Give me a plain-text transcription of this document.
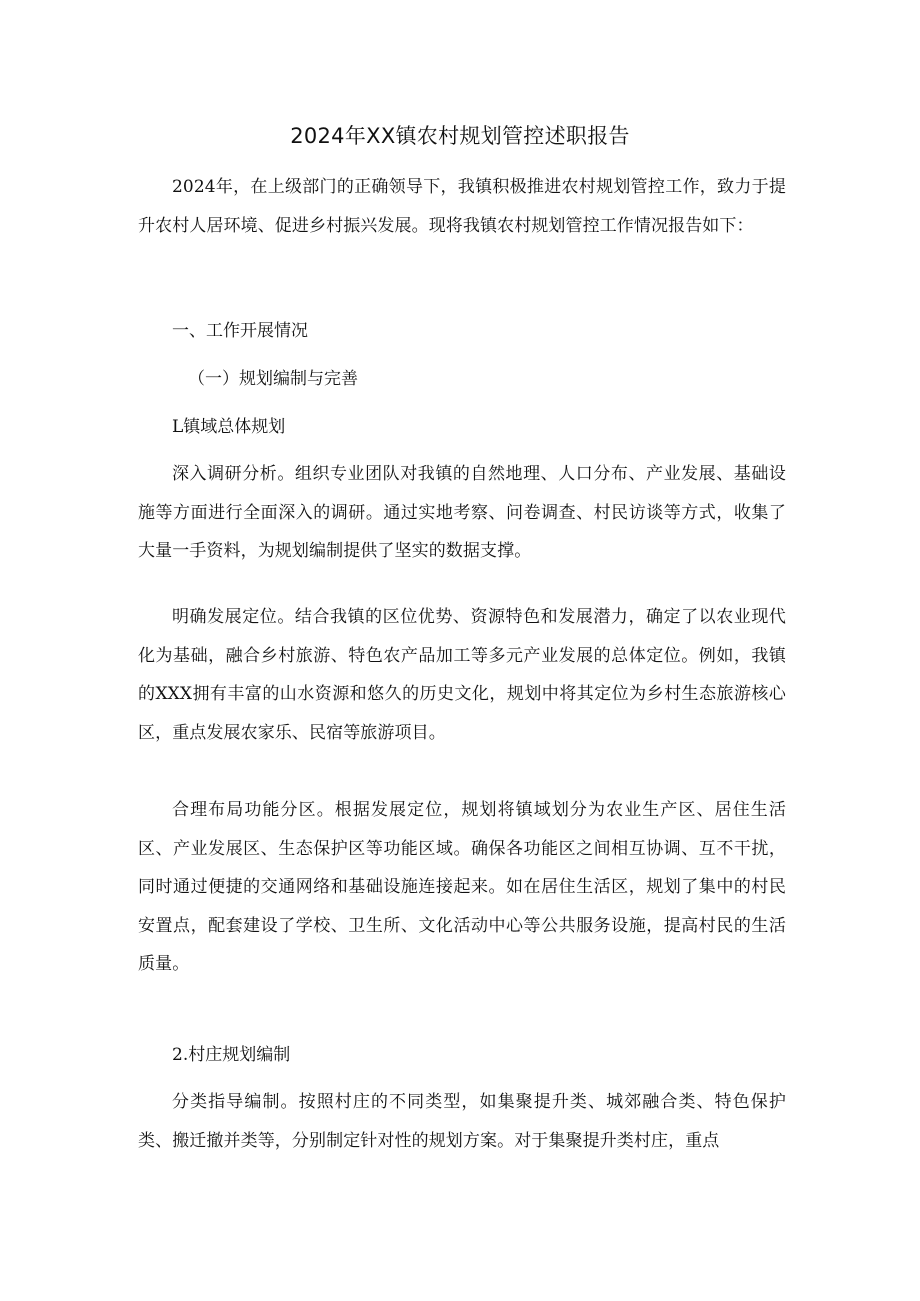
2024年XX镇农村规划管控述职报告

2024年，在上级部门的正确领导下，我镇积极推进农村规划管控工作，致力于提升农村人居环境、促进乡村振兴发展。现将我镇农村规划管控工作情况报告如下：

一、工作开展情况

（一）规划编制与完善

L镇域总体规划

深入调研分析。组织专业团队对我镇的自然地理、人口分布、产业发展、基础设施等方面进行全面深入的调研。通过实地考察、问卷调查、村民访谈等方式，收集了大量一手资料，为规划编制提供了坚实的数据支撑。

明确发展定位。结合我镇的区位优势、资源特色和发展潜力，确定了以农业现代化为基础，融合乡村旅游、特色农产品加工等多元产业发展的总体定位。例如，我镇的XXX拥有丰富的山水资源和悠久的历史文化，规划中将其定位为乡村生态旅游核心区，重点发展农家乐、民宿等旅游项目。

合理布局功能分区。根据发展定位，规划将镇域划分为农业生产区、居住生活区、产业发展区、生态保护区等功能区域。确保各功能区之间相互协调、互不干扰，同时通过便捷的交通网络和基础设施连接起来。如在居住生活区，规划了集中的村民安置点，配套建设了学校、卫生所、文化活动中心等公共服务设施，提高村民的生活质量。

2.村庄规划编制

分类指导编制。按照村庄的不同类型，如集聚提升类、城郊融合类、特色保护类、搬迁撤并类等，分别制定针对性的规划方案。对于集聚提升类村庄，重点
